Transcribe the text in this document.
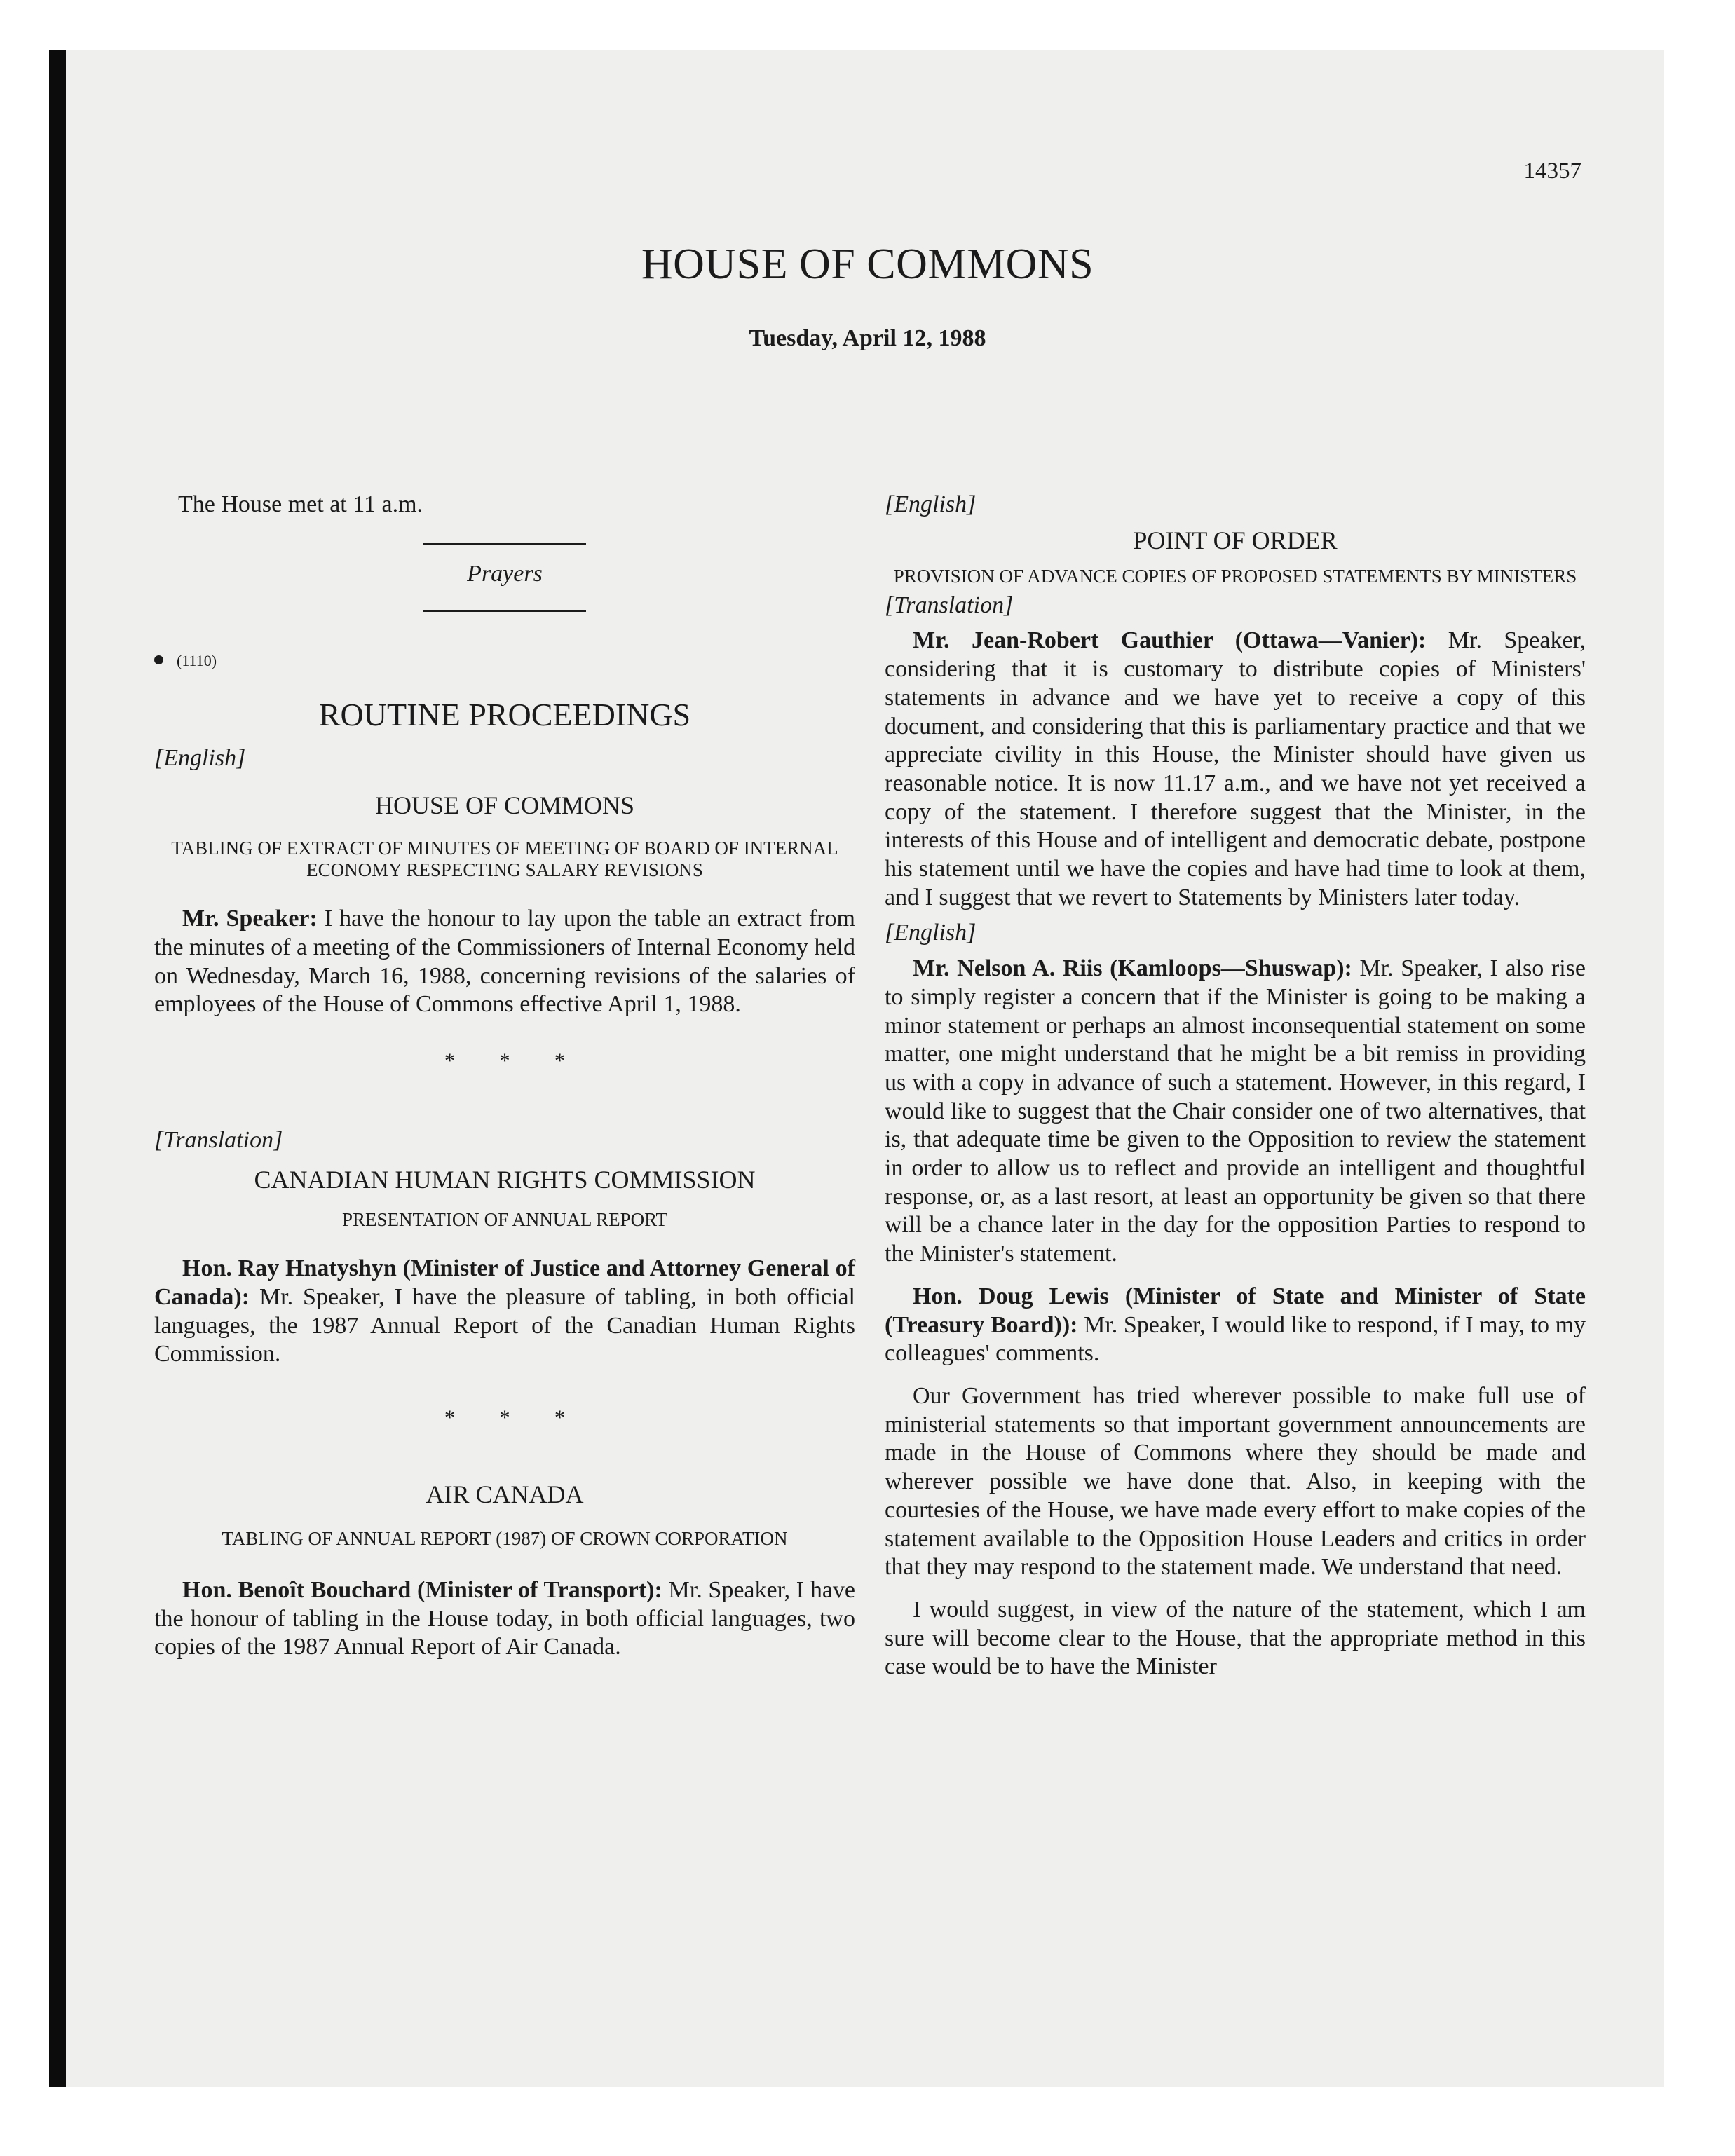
14357
HOUSE OF COMMONS
Tuesday, April 12, 1988

The House met at 11 a.m.

Prayers

(1110)

ROUTINE PROCEEDINGS

[English]

HOUSE OF COMMONS

TABLING OF EXTRACT OF MINUTES OF MEETING OF BOARD OF INTERNAL ECONOMY RESPECTING SALARY REVISIONS

Mr. Speaker: I have the honour to lay upon the table an extract from the minutes of a meeting of the Commissioners of Internal Economy held on Wednesday, March 16, 1988, concerning revisions of the salaries of employees of the House of Commons effective April 1, 1988.

* * *

[Translation]

CANADIAN HUMAN RIGHTS COMMISSION

PRESENTATION OF ANNUAL REPORT

Hon. Ray Hnatyshyn (Minister of Justice and Attorney General of Canada): Mr. Speaker, I have the pleasure of tabling, in both official languages, the 1987 Annual Report of the Canadian Human Rights Commission.

* * *

AIR CANADA

TABLING OF ANNUAL REPORT (1987) OF CROWN CORPORATION

Hon. Benoît Bouchard (Minister of Transport): Mr. Speaker, I have the honour of tabling in the House today, in both official languages, two copies of the 1987 Annual Report of Air Canada.

[English]

POINT OF ORDER

PROVISION OF ADVANCE COPIES OF PROPOSED STATEMENTS BY MINISTERS

[Translation]

Mr. Jean-Robert Gauthier (Ottawa—Vanier): Mr. Speaker, considering that it is customary to distribute copies of Ministers' statements in advance and we have yet to receive a copy of this document, and considering that this is parliamentary practice and that we appreciate civility in this House, the Minister should have given us reasonable notice. It is now 11.17 a.m., and we have not yet received a copy of the statement. I therefore suggest that the Minister, in the interests of this House and of intelligent and democratic debate, postpone his statement until we have the copies and have had time to look at them, and I suggest that we revert to Statements by Ministers later today.

[English]

Mr. Nelson A. Riis (Kamloops—Shuswap): Mr. Speaker, I also rise to simply register a concern that if the Minister is going to be making a minor statement or perhaps an almost inconsequential statement on some matter, one might understand that he might be a bit remiss in providing us with a copy in advance of such a statement. However, in this regard, I would like to suggest that the Chair consider one of two alternatives, that is, that adequate time be given to the Opposition to review the statement in order to allow us to reflect and provide an intelligent and thoughtful response, or, as a last resort, at least an opportunity be given so that there will be a chance later in the day for the opposition Parties to respond to the Minister's statement.

Hon. Doug Lewis (Minister of State and Minister of State (Treasury Board)): Mr. Speaker, I would like to respond, if I may, to my colleagues' comments.

Our Government has tried wherever possible to make full use of ministerial statements so that important government announcements are made in the House of Commons where they should be made and wherever possible we have done that. Also, in keeping with the courtesies of the House, we have made every effort to make copies of the statement available to the Opposition House Leaders and critics in order that they may respond to the statement made. We understand that need.

I would suggest, in view of the nature of the statement, which I am sure will become clear to the House, that the appropriate method in this case would be to have the Minister
